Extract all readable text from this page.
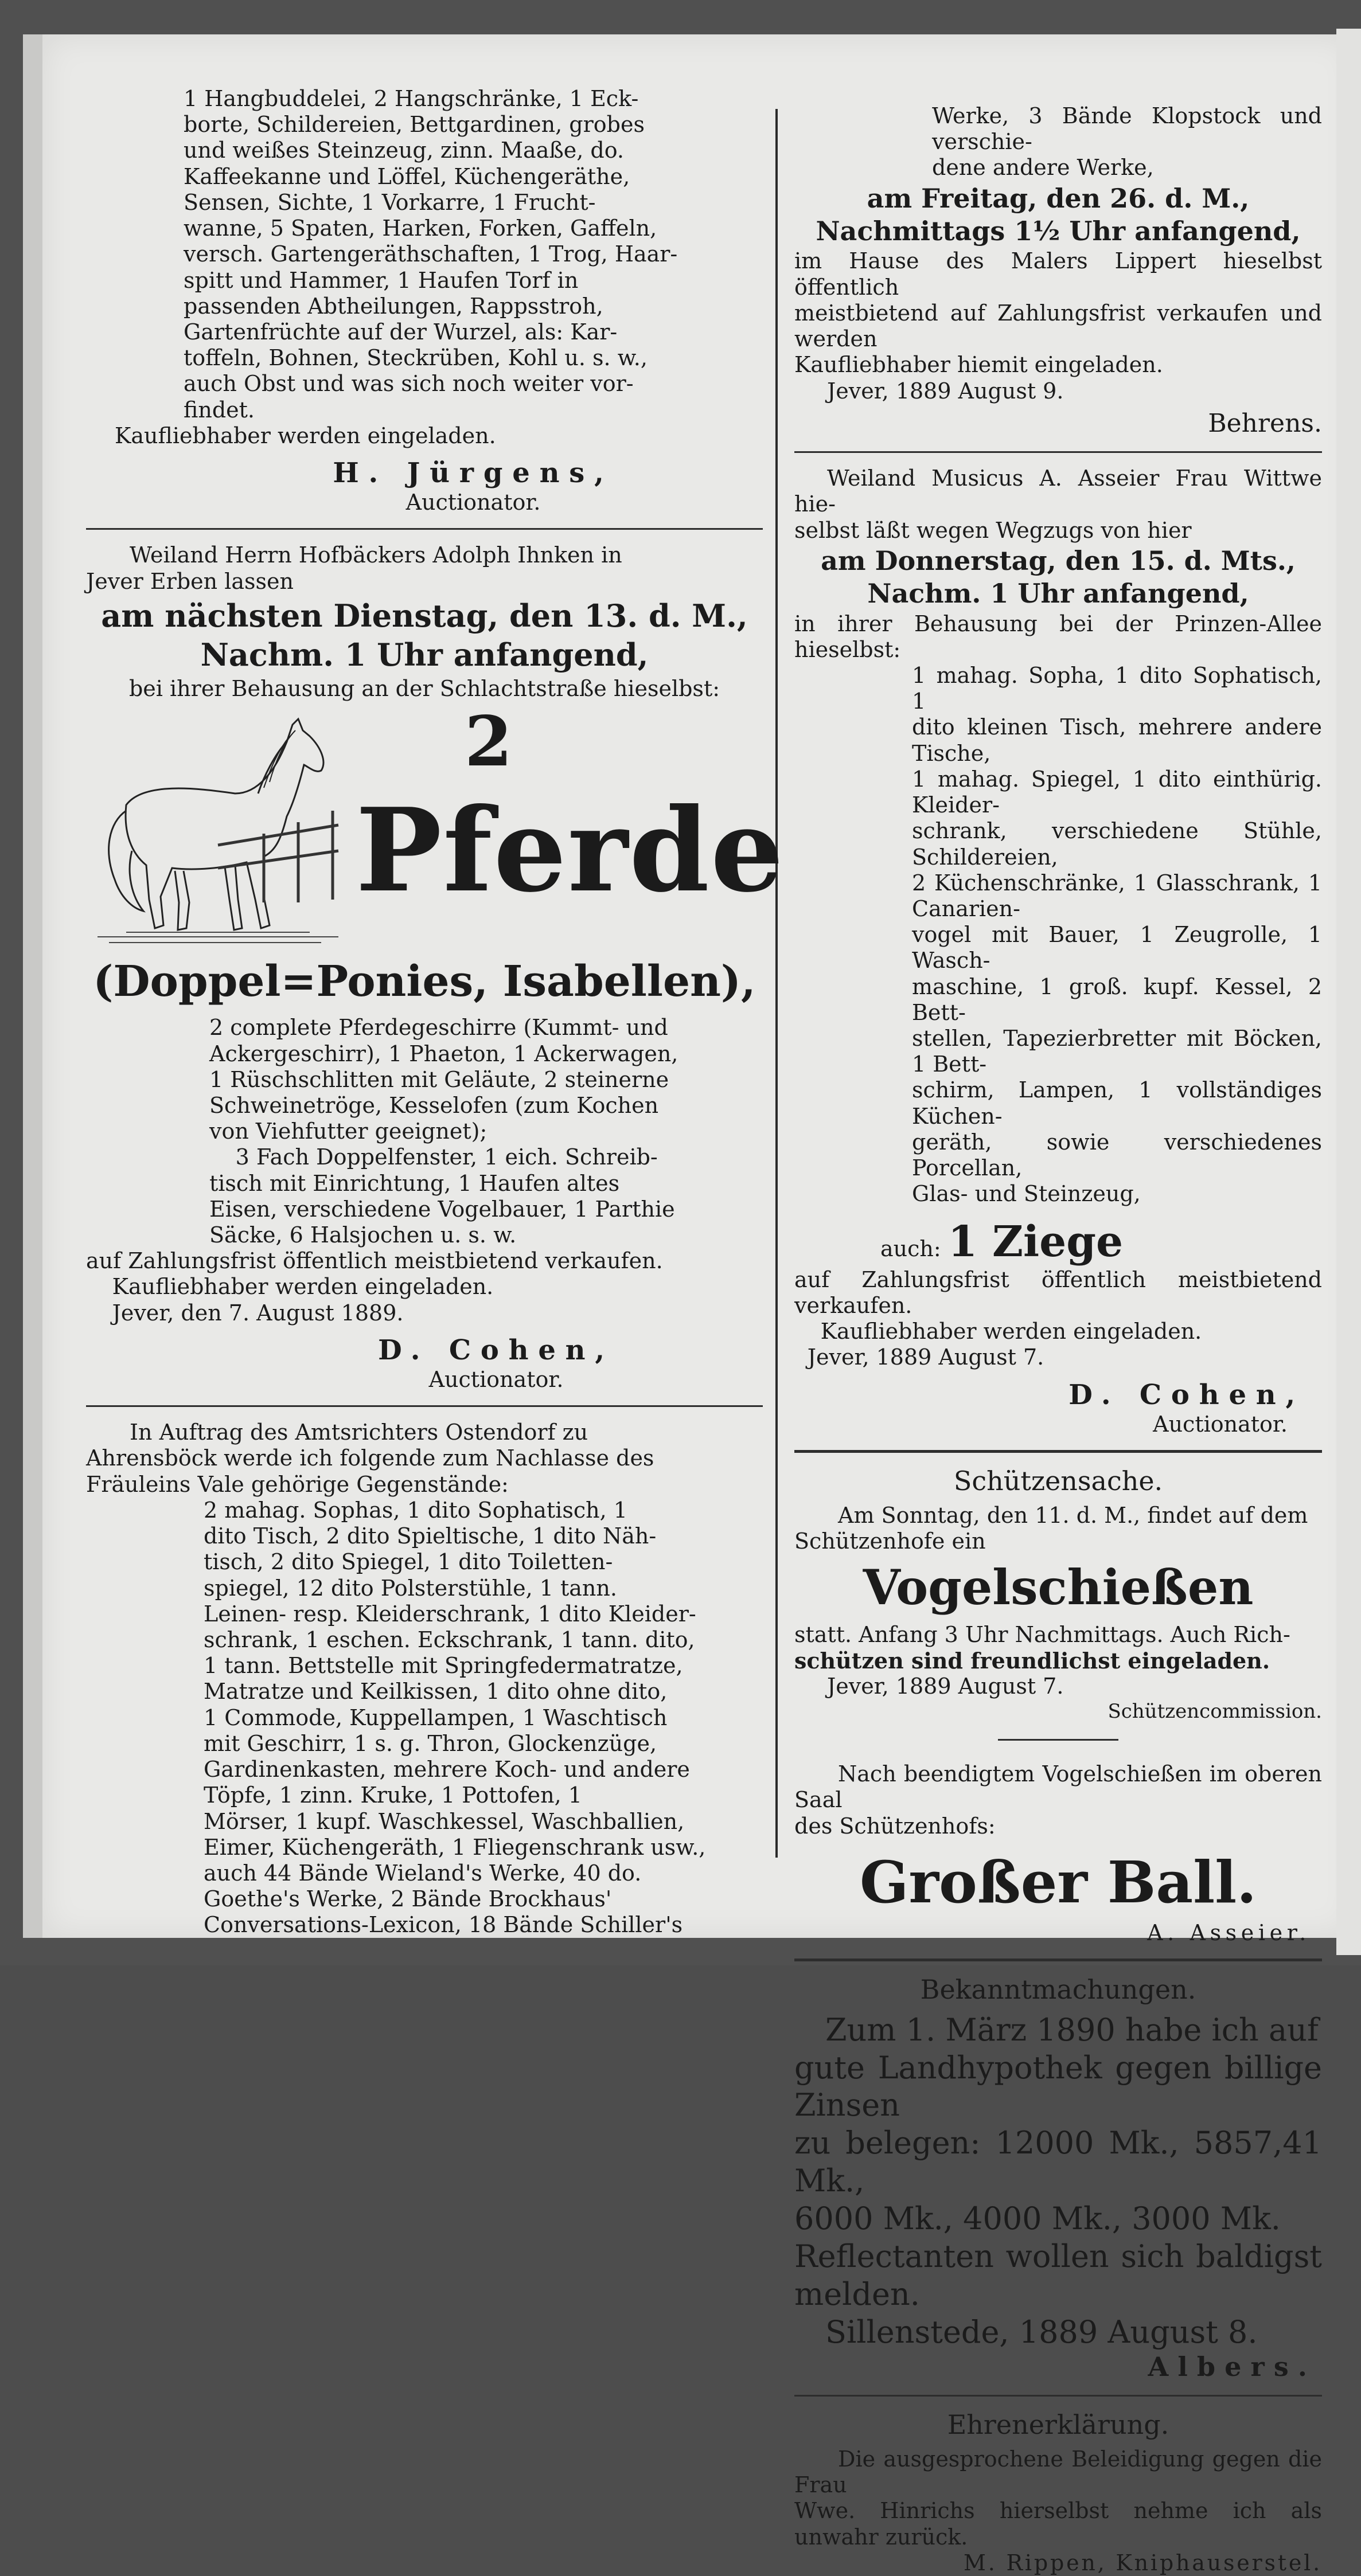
1 Hangbuddelei, 2 Hangschränke, 1 Eck-

borte, Schildereien, Bettgardinen, grobes

und weißes Steinzeug, zinn. Maaße, do.

Kaffeekanne und Löffel, Küchengeräthe,

Sensen, Sichte, 1 Vorkarre, 1 Frucht-

wanne, 5 Spaten, Harken, Forken, Gaffeln,

versch. Gartengeräthschaften, 1 Trog, Haar-

spitt und Hammer, 1 Haufen Torf in

passenden Abtheilungen, Rappsstroh,

Gartenfrüchte auf der Wurzel, als: Kar-

toffeln, Bohnen, Steckrüben, Kohl u. s. w.,

auch Obst und was sich noch weiter vor-

findet.

Kaufliebhaber werden eingeladen.

H. Jürgens,

Auctionator.

Weiland Herrn Hofbäckers Adolph Ihnken in

Jever Erben lassen

am nächsten Dienstag, den 13. d. M.,

Nachm. 1 Uhr anfangend,

bei ihrer Behausung an der Schlachtstraße hieselbst:

2
Pferde

(Doppel=Ponies, Isabellen),

2 complete Pferdegeschirre (Kummt- und

Ackergeschirr), 1 Phaeton, 1 Ackerwagen,

1 Rüschschlitten mit Geläute, 2 steinerne

Schweinetröge, Kesselofen (zum Kochen

von Viehfutter geeignet);

3 Fach Doppelfenster, 1 eich. Schreib-

tisch mit Einrichtung, 1 Haufen altes

Eisen, verschiedene Vogelbauer, 1 Parthie

Säcke, 6 Halsjochen u. s. w.

auf Zahlungsfrist öffentlich meistbietend verkaufen.

Kaufliebhaber werden eingeladen.

Jever, den 7. August 1889.

D. Cohen,

Auctionator.

In Auftrag des Amtsrichters Ostendorf zu

Ahrensböck werde ich folgende zum Nachlasse des

Fräuleins Vale gehörige Gegenstände:

2 mahag. Sophas, 1 dito Sophatisch, 1

dito Tisch, 2 dito Spieltische, 1 dito Näh-

tisch, 2 dito Spiegel, 1 dito Toiletten-

spiegel, 12 dito Polsterstühle, 1 tann.

Leinen- resp. Kleiderschrank, 1 dito Kleider-

schrank, 1 eschen. Eckschrank, 1 tann. dito,

1 tann. Bettstelle mit Springfedermatratze,

Matratze und Keilkissen, 1 dito ohne dito,

1 Commode, Kuppellampen, 1 Waschtisch

mit Geschirr, 1 s. g. Thron, Glockenzüge,

Gardinenkasten, mehrere Koch- und andere

Töpfe, 1 zinn. Kruke, 1 Pottofen, 1

Mörser, 1 kupf. Waschkessel, Waschballien,

Eimer, Küchengeräth, 1 Fliegenschrank usw.,

auch 44 Bände Wieland's Werke, 40 do.

Goethe's Werke, 2 Bände Brockhaus'

Conversations-Lexicon, 18 Bände Schiller's

Werke, 3 Bände Klopstock und verschie-

dene andere Werke,

am Freitag, den 26. d. M.,

Nachmittags 1½ Uhr anfangend,

im Hause des Malers Lippert hieselbst öffentlich

meistbietend auf Zahlungsfrist verkaufen und werden

Kaufliebhaber hiemit eingeladen.

Jever, 1889 August 9.

Behrens.

Weiland Musicus A. Asseier Frau Wittwe hie-

selbst läßt wegen Wegzugs von hier

am Donnerstag, den 15. d. Mts.,

Nachm. 1 Uhr anfangend,

in ihrer Behausung bei der Prinzen-Allee hieselbst:

1 mahag. Sopha, 1 dito Sophatisch, 1

dito kleinen Tisch, mehrere andere Tische,

1 mahag. Spiegel, 1 dito einthürig. Kleider-

schrank, verschiedene Stühle, Schildereien,

2 Küchenschränke, 1 Glasschrank, 1 Canarien-

vogel mit Bauer, 1 Zeugrolle, 1 Wasch-

maschine, 1 groß. kupf. Kessel, 2 Bett-

stellen, Tapezierbretter mit Böcken, 1 Bett-

schirm, Lampen, 1 vollständiges Küchen-

geräth, sowie verschiedenes Porcellan,

Glas- und Steinzeug,

auch: 1 Ziege

auf Zahlungsfrist öffentlich meistbietend verkaufen.

Kaufliebhaber werden eingeladen.

Jever, 1889 August 7.

D. Cohen,

Auctionator.

Schützensache.

Am Sonntag, den 11. d. M., findet auf dem

Schützenhofe ein

Vogelschießen

statt. Anfang 3 Uhr Nachmittags. Auch Rich-

schützen sind freundlichst eingeladen.

Jever, 1889 August 7.

Schützencommission.

Nach beendigtem Vogelschießen im oberen Saal

des Schützenhofs:

Großer Ball.

A. Asseier.

Bekanntmachungen.

Zum 1. März 1890 habe ich auf

gute Landhypothek gegen billige Zinsen

zu belegen: 12000 Mk., 5857,41 Mk.,

6000 Mk., 4000 Mk., 3000 Mk.

Reflectanten wollen sich baldigst melden.

Sillenstede, 1889 August 8.

Albers.

Ehrenerklärung.

Die ausgesprochene Beleidigung gegen die Frau

Wwe. Hinrichs hierselbst nehme ich als unwahr zurück.

M. Rippen, Kniphauserstel.
